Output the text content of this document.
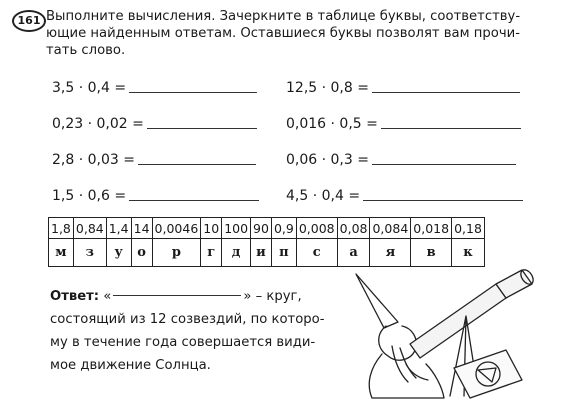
161 Выполните вычисления. Зачеркните в таблице буквы, соответству-
ющие найденным ответам. Оставшиеся буквы позволят вам прочи-
тать слово.

3,5 · 0,4 =	12,5 · 0,8 =
0,23 · 0,02 =	0,016 · 0,5 =
2,8 · 0,03 =	0,06 · 0,3 =
1,5 · 0,6 =	4,5 · 0,4 =
1,8	0,84	1,4	14	0,0046	10	100	90	0,9	0,008	0,08	0,084	0,018	0,18
м	з	у	о	р	г	д	и	п	с	а	я	в	к

Ответ: «	» – круг,

состоящий из 12 созвездий, по которо-

му в течение года совершается види-

мое движение Солнца.
